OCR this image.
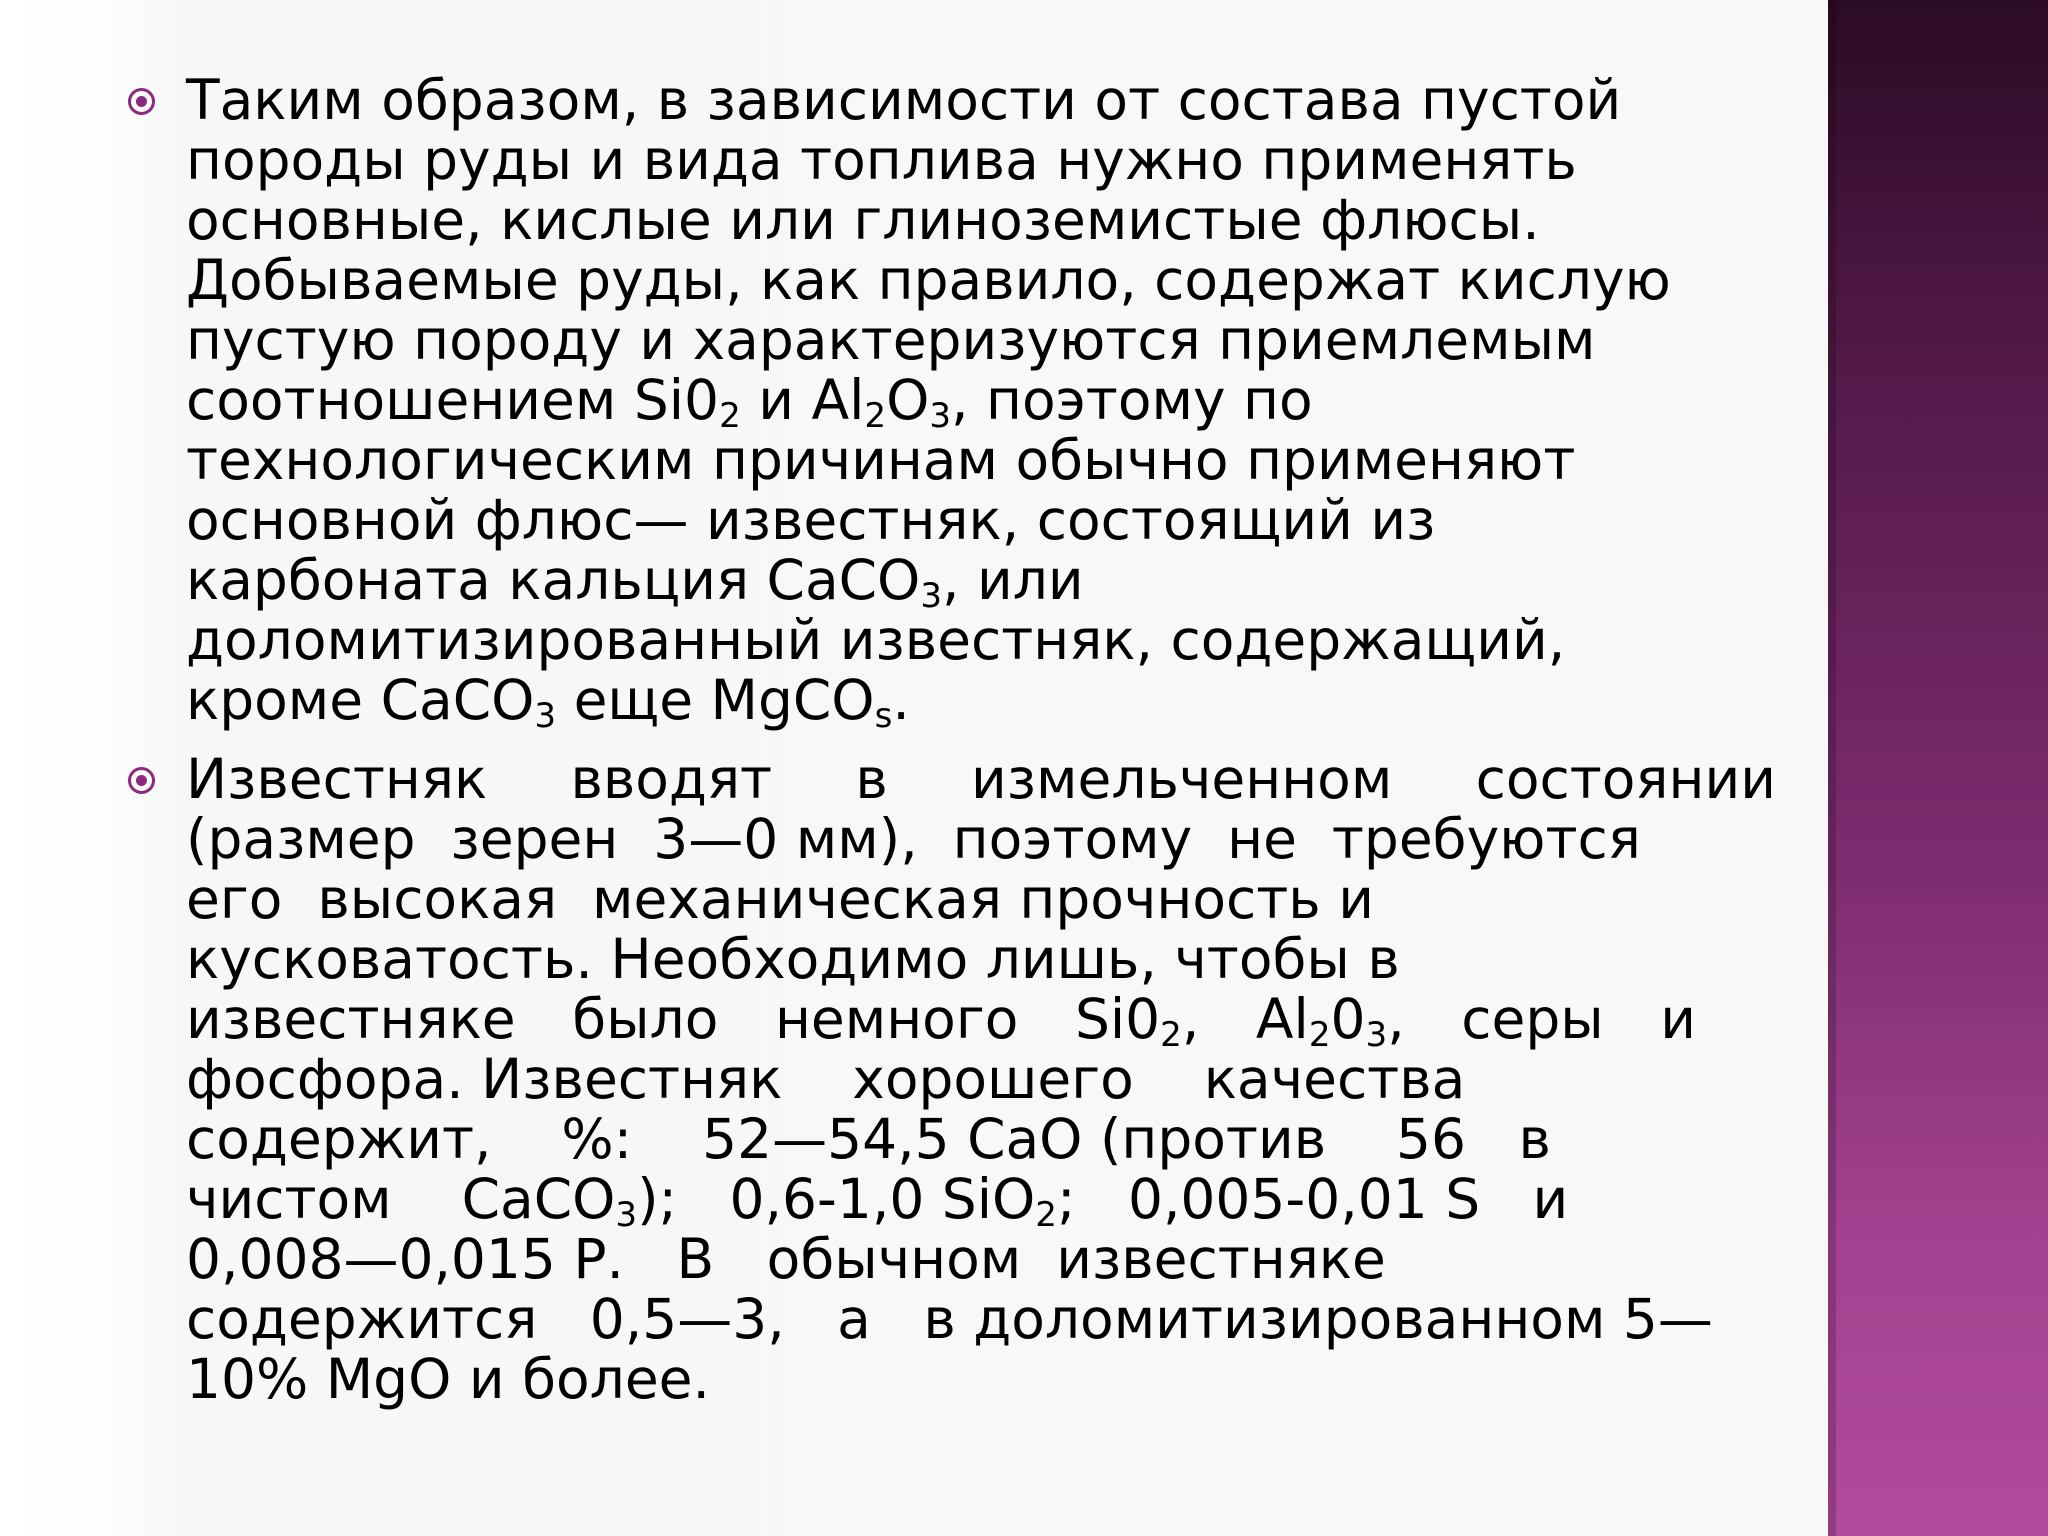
Таким образом, в зависимости от состава пустой
породы руды и вида топлива нужно применять
основные, кислые или глиноземистые флюсы.
Добываемые руды, как правило, содержат кислую
пустую породу и характеризуются приемлемым
соотношением $Si0_2$ и $Al_2O_3$, поэтому по
технологическим причинам обычно применяют
основной флюс— известняк, состоящий из
карбоната кальция CaCO$_3$, или
доломитизированный известняк, содержащий,
кроме CaCO$_3$ еще MgCO$_s$.
Известняк вводят в измельченном состоянии
(размер  зерен  3—0 мм),  поэтому  не  требуются
его  высокая  механическая прочность и
кусковатость. Необходимо лишь, чтобы в
известняке было немного $Si0_2$, $Al_20_3$, серы и
фосфора. Известняк    хорошего    качества
содержит,    %:    52—54,5 CaO (против    56   в
чистом    CaCO$_3$);   0,6-1,0 SiO$_2$;   0,005-0,01 S   и
0,008—0,015 Р.   В   обычном  известняке
содержится   0,5—3,   а   в доломитизированном 5—
10% MgO и более.
